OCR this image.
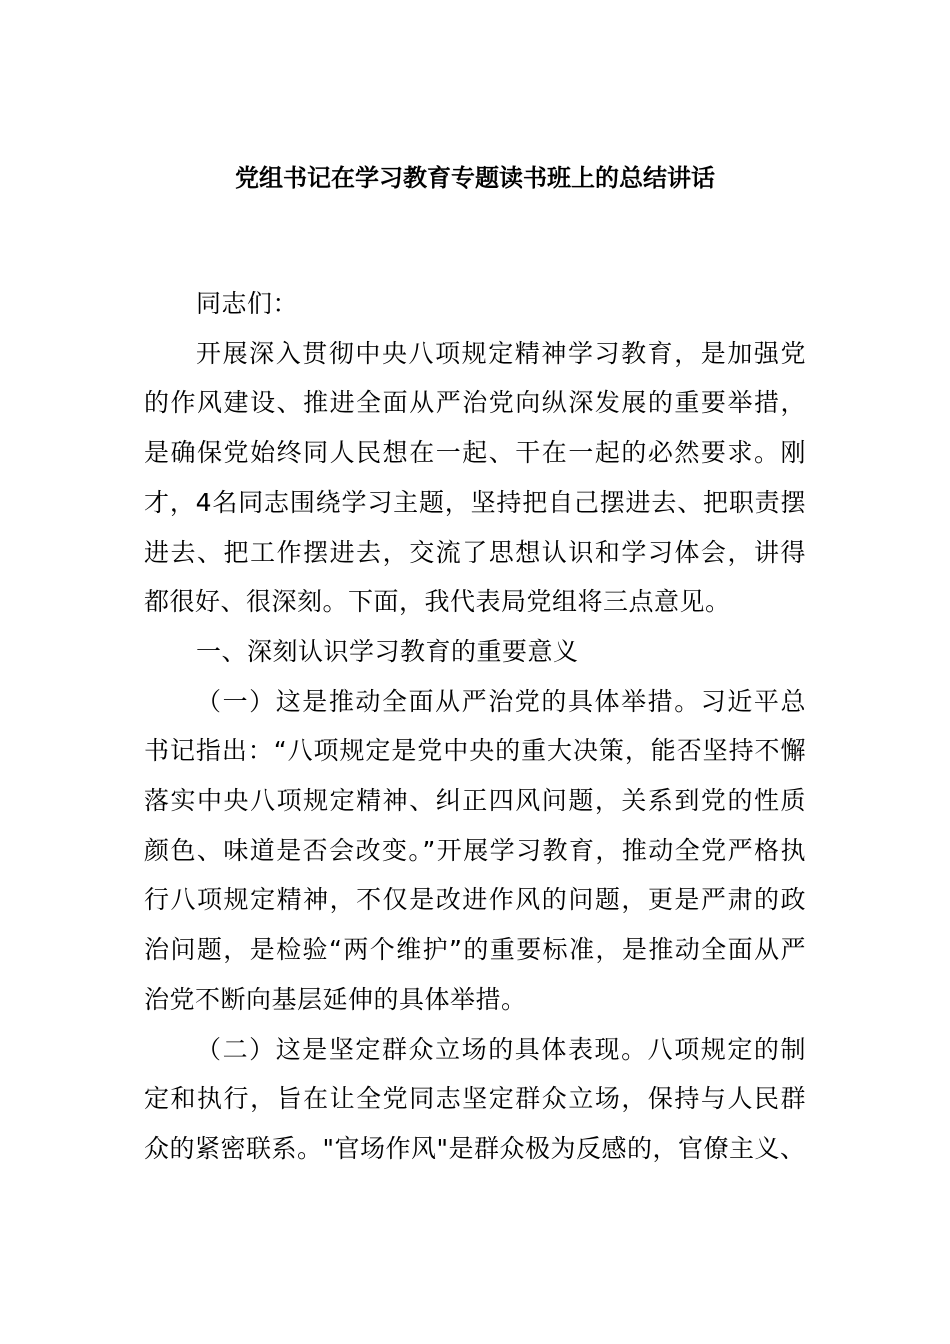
党组书记在学习教育专题读书班上的总结讲话

同志们：

开展深入贯彻中央八项规定精神学习教育，是加强党的作风建设、推进全面从严治党向纵深发展的重要举措，是确保党始终同人民想在一起、干在一起的必然要求。刚才，4名同志围绕学习主题，坚持把自己摆进去、把职责摆进去、把工作摆进去，交流了思想认识和学习体会，讲得都很好、很深刻。下面，我代表局党组将三点意见。

一、深刻认识学习教育的重要意义

（一）这是推动全面从严治党的具体举措。习近平总书记指出：“八项规定是党中央的重大决策，能否坚持不懈落实中央八项规定精神、纠正四风问题，关系到党的性质颜色、味道是否会改变。”开展学习教育，推动全党严格执行八项规定精神，不仅是改进作风的问题，更是严肃的政治问题，是检验“两个维护”的重要标准，是推动全面从严治党不断向基层延伸的具体举措。

（二）这是坚定群众立场的具体表现。八项规定的制定和执行，旨在让全党同志坚定群众立场，保持与人民群众的紧密联系。"官场作风"是群众极为反感的，官僚主义、
